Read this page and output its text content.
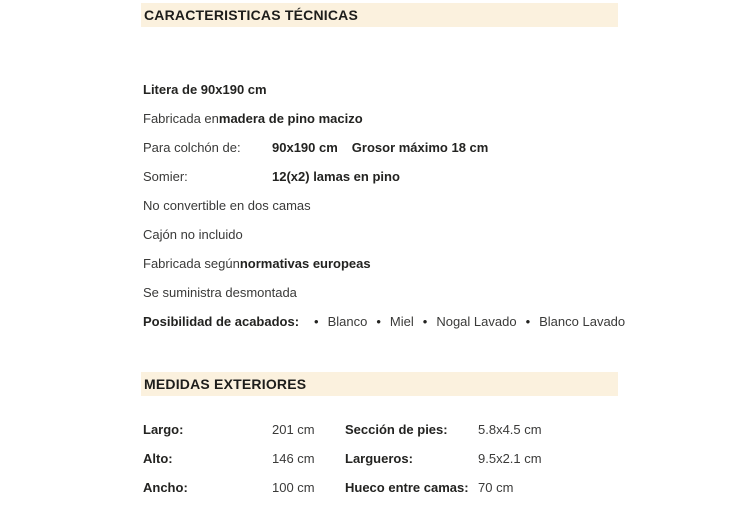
CARACTERISTICAS TÉCNICAS
Litera de 90x190 cm
Fabricada en madera de pino macizo
Para colchón de:	90x190 cm Grosor máximo 18 cm
Somier:	12(x2) lamas en pino
No convertible en dos camas
Cajón no incluido
Fabricada según normativas europeas
Se suministra desmontada
Posibilidad de acabados:	• Blanco	• Miel	• Nogal Lavado	• Blanco Lavado
MEDIDAS EXTERIORES
Largo:	201 cm	Sección de pies:	5.8x4.5 cm
Alto:	146 cm	Largueros:	9.5x2.1 cm
Ancho:	100 cm	Hueco entre camas: 70 cm
